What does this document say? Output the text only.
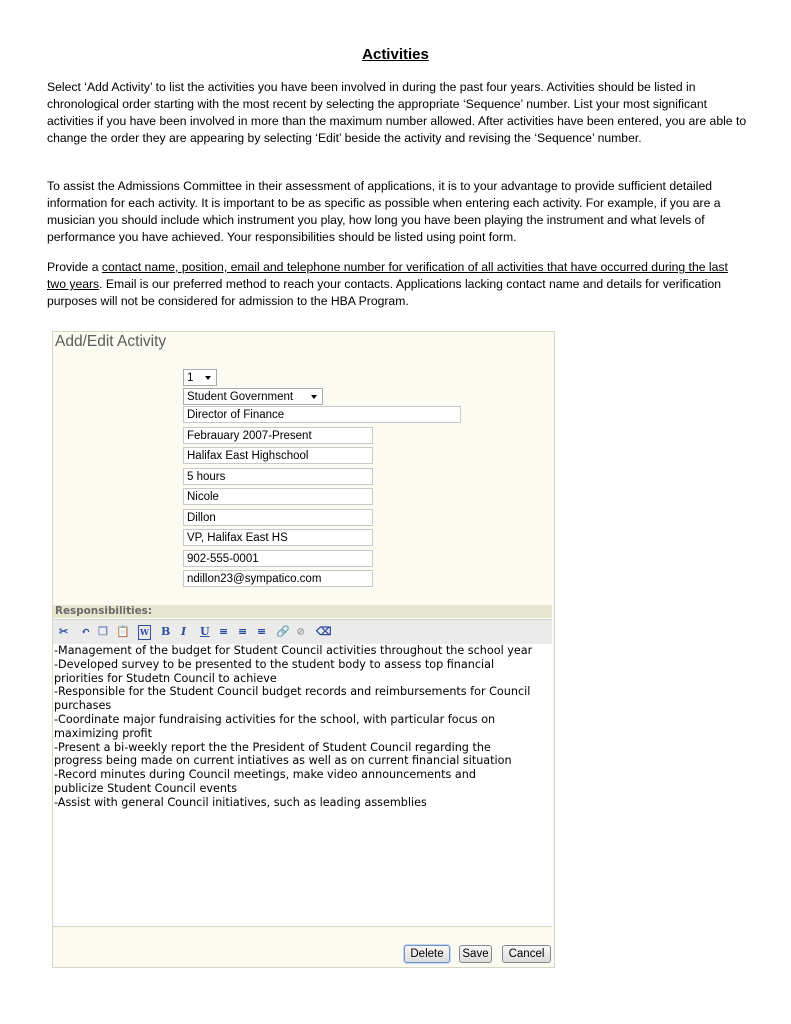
Activities

Select ‘Add Activity’ to list the activities you have been involved in during the past four years. Activities should be listed in chronological order starting with the most recent by selecting the appropriate ‘Sequence’ number. List your most significant activities if you have been involved in more than the maximum number allowed. After activities have been entered, you are able to change the order they are appearing by selecting ‘Edit’ beside the activity and revising the ‘Sequence’ number.

To assist the Admissions Committee in their assessment of applications, it is to your advantage to provide sufficient detailed information for each activity. It is important to be as specific as possible when entering each activity. For example, if you are a musician you should include which instrument you play, how long you have been playing the instrument and what levels of performance you have achieved. Your responsibilities should be listed using point form.

Provide a contact name, position, email and telephone number for verification of all activities that have occurred during the last two years. Email is our preferred method to reach your contacts. Applications lacking contact name and details for verification purposes will not be considered for admission to the HBA Program.

Add/Edit Activity
1
Student Government
Director of Finance
Febrauary 2007-Present
Halifax East Highschool
5 hours
Nicole
Dillon
VP, Halifax East HS
902-555-0001
ndillon23@sympatico.com
Responsibilities:
✂ ↶ ❐ 📋 W B I U ≡ ≡ ≡ 🔗 ⊘ ⌫
-Management of the budget for Student Council activities throughout the school year
-Developed survey to be presented to the student body to assess top financial
priorities for Studetn Council to achieve
-Responsible for the Student Council budget records and reimbursements for Council
purchases
-Coordinate major fundraising activities for the school, with particular focus on
maximizing profit
-Present a bi-weekly report the the President of Student Council regarding the
progress being made on current intiatives as well as on current financial situation
-Record minutes during Council meetings, make video announcements and
publicize Student Council events
-Assist with general Council initiatives, such as leading assemblies
Delete	Save	Cancel
